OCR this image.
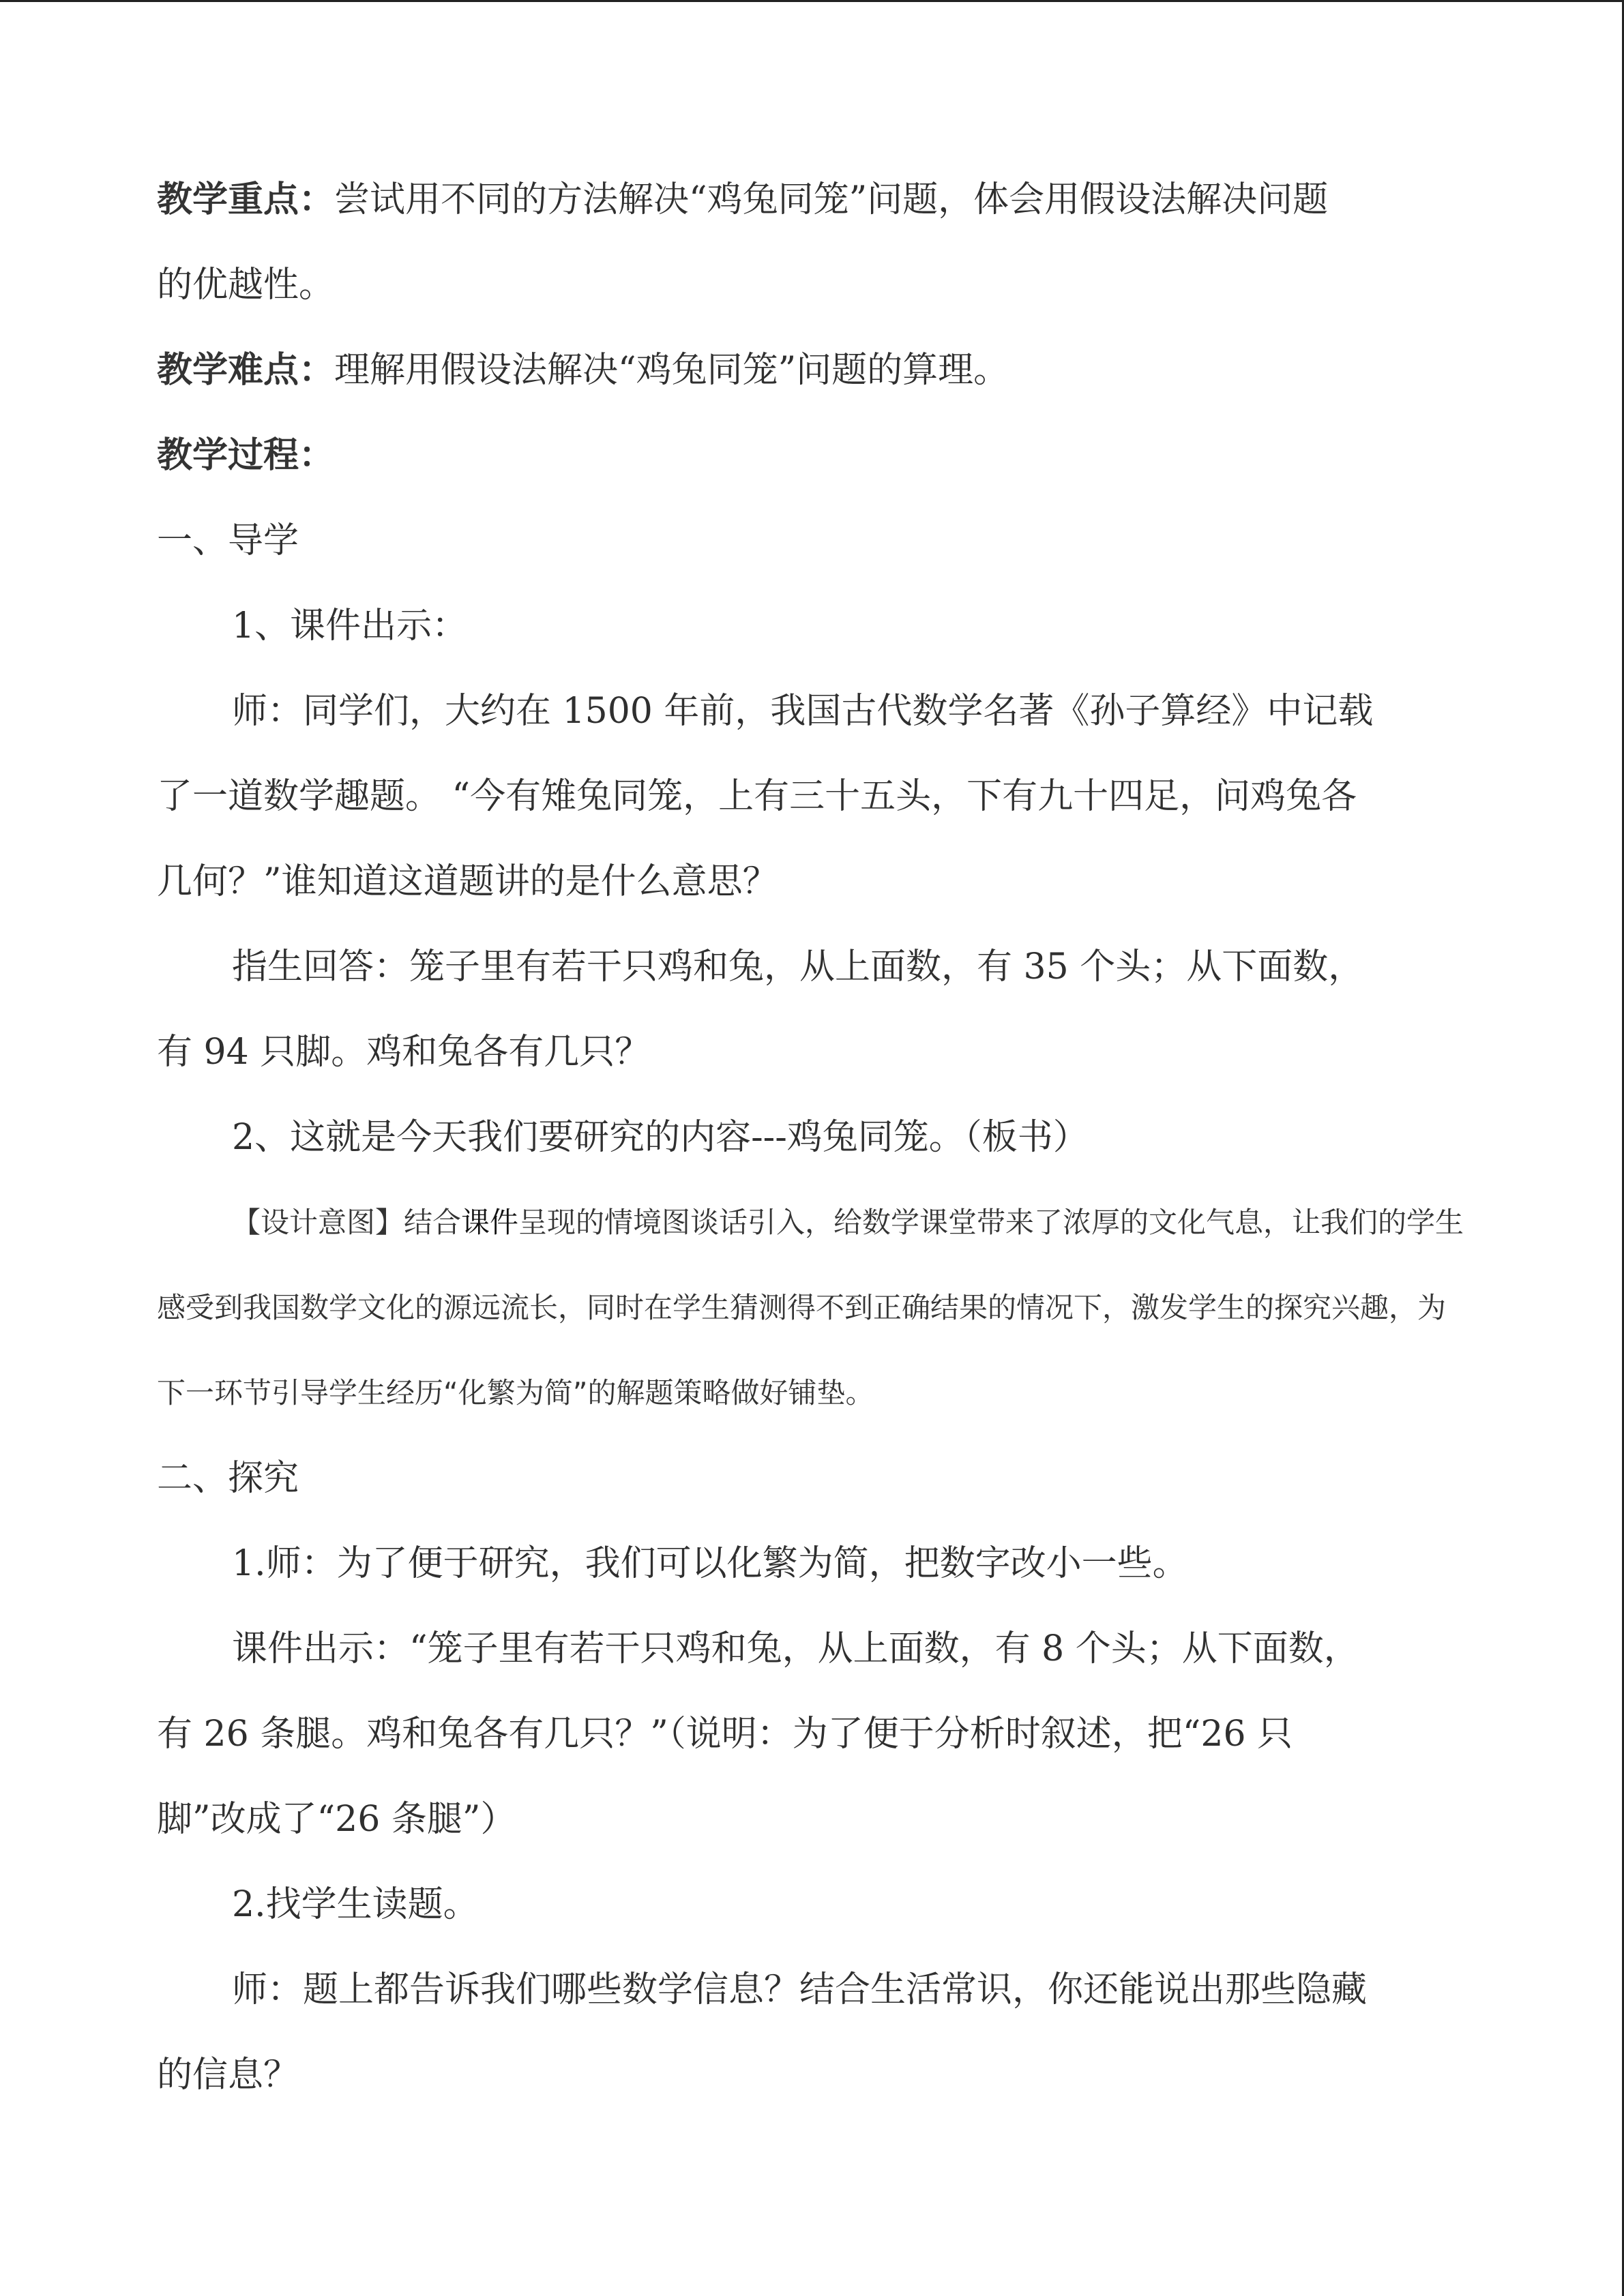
教学重点：尝试用不同的方法解决“鸡兔同笼”问题，体会用假设法解决问题
的优越性。
教学难点：理解用假设法解决“鸡兔同笼”问题的算理。
教学过程：
一、导学
1、课件出示：
师：同学们，大约在 1500 年前，我国古代数学名著《孙子算经》中记载
了一道数学趣题。 “今有雉兔同笼，上有三十五头，下有九十四足，问鸡兔各
几何？”谁知道这道题讲的是什么意思？
指生回答：笼子里有若干只鸡和兔，从上面数，有 35 个头；从下面数，
有 94 只脚。鸡和兔各有几只？
2、这就是今天我们要研究的内容---鸡兔同笼。（板书）
【设计意图】结合课件呈现的情境图谈话引入，给数学课堂带来了浓厚的文化气息，让我们的学生
感受到我国数学文化的源远流长，同时在学生猜测得不到正确结果的情况下，激发学生的探究兴趣，为
下一环节引导学生经历“化繁为简”的解题策略做好铺垫。
二、探究
1.师：为了便于研究，我们可以化繁为简，把数字改小一些。
课件出示：“笼子里有若干只鸡和兔，从上面数，有 8 个头；从下面数，
有 26 条腿。鸡和兔各有几只？”（说明：为了便于分析时叙述，把“26 只
脚”改成了“26 条腿”）
2.找学生读题。
师：题上都告诉我们哪些数学信息？结合生活常识，你还能说出那些隐藏
的信息？
